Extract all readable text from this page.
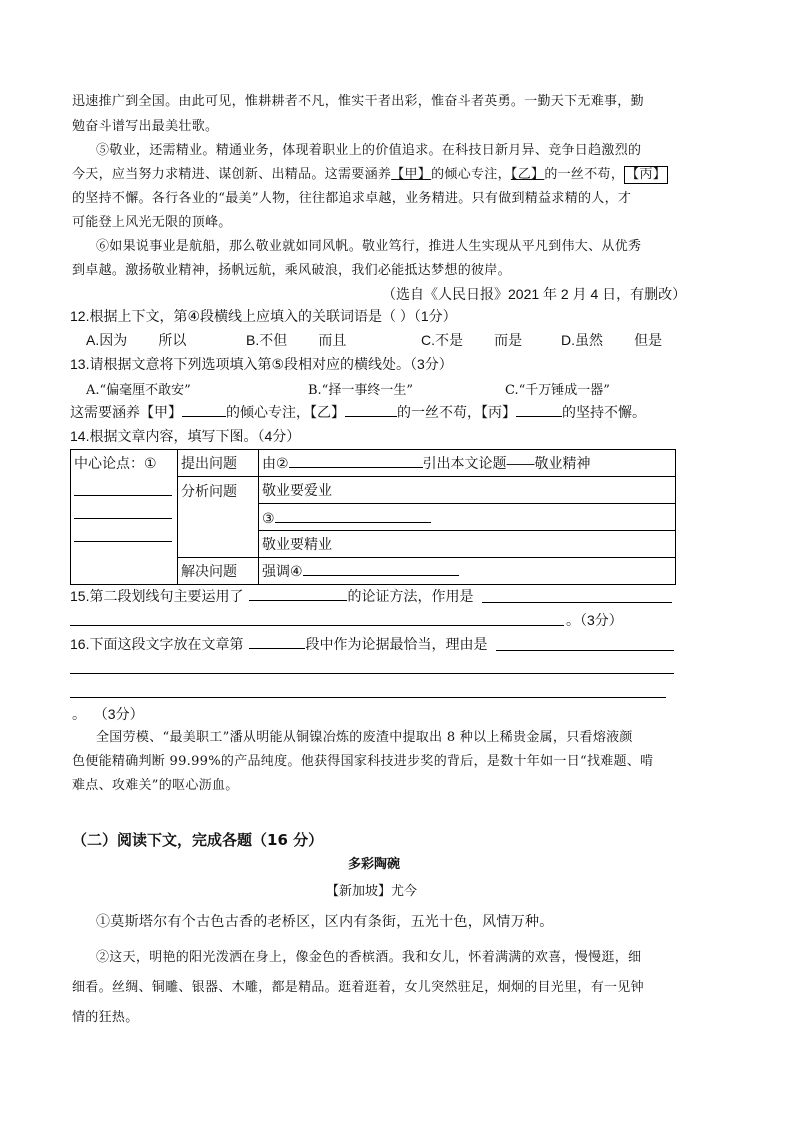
迅速推广到全国。由此可见，惟耕耕者不凡，惟实干者出彩，惟奋斗者英勇。一勤天下无难事，勤
勉奋斗谱写出最美壮歌。
⑤敬业，还需精业。精通业务，体现着职业上的价值追求。在科技日新月异、竞争日趋激烈的
今天，应当努力求精进、谋创新、出精品。这需要涵养【甲】的倾心专注，【乙】的一丝不苟， 【丙】
的坚持不懈。各行各业的“最美”人物，往往都追求卓越，业务精进。只有做到精益求精的人，才
可能登上风光无限的顶峰。
⑥如果说事业是航船，那么敬业就如同风帆。敬业笃行，推进人生实现从平凡到伟大、从优秀
到卓越。激扬敬业精神，扬帆远航，乘风破浪，我们必能抵达梦想的彼岸。
（选自《人民日报》2021 年 2 月 4 日，有删改）
12.根据上下文，第④段横线上应填入的关联词语是（ ）（1分）
A.因为        所以	B.不但        而且	C.不是        而是	D.虽然        但是
13.请根据文意将下列选项填入第⑤段相对应的横线处。（3分）
A.“偏毫厘不敢安”	B.“择一事终一生”	C.“千万锤成一器”
这需要涵养【甲】	的倾心专注，【乙】	的一丝不苟，【丙】	的坚持不懈。
14.根据文章内容，填写下图。（4分）
中心论点：①	提出问题	由② 引出本文论题——敬业精神
	分析问题	敬业要爱业
		③
		敬业要精业
	解决问题	强调④
15.第二段划线句主要运用了	的论证方法，作用是
。（3分）
16.下面这段文字放在文章第	段中作为论据最恰当，理由是
。  （3分）
全国劳模、“最美职工”潘从明能从铜镍冶炼的废渣中提取出 8 种以上稀贵金属，只看熔液颜
色便能精确判断 99.99%的产品纯度。他获得国家科技进步奖的背后，是数十年如一日“找难题、啃
难点、攻难关”的呕心沥血。
（二）阅读下文，完成各题（16 分）
多彩陶碗
【新加坡】尤今
①莫斯塔尔有个古色古香的老桥区，区内有条街，五光十色，风情万种。
②这天，明艳的阳光泼洒在身上，像金色的香槟酒。我和女儿，怀着满满的欢喜，慢慢逛，细
细看。丝绸、铜雕、银器、木雕，都是精品。逛着逛着，女儿突然驻足，炯炯的目光里，有一见钟
情的狂热。
